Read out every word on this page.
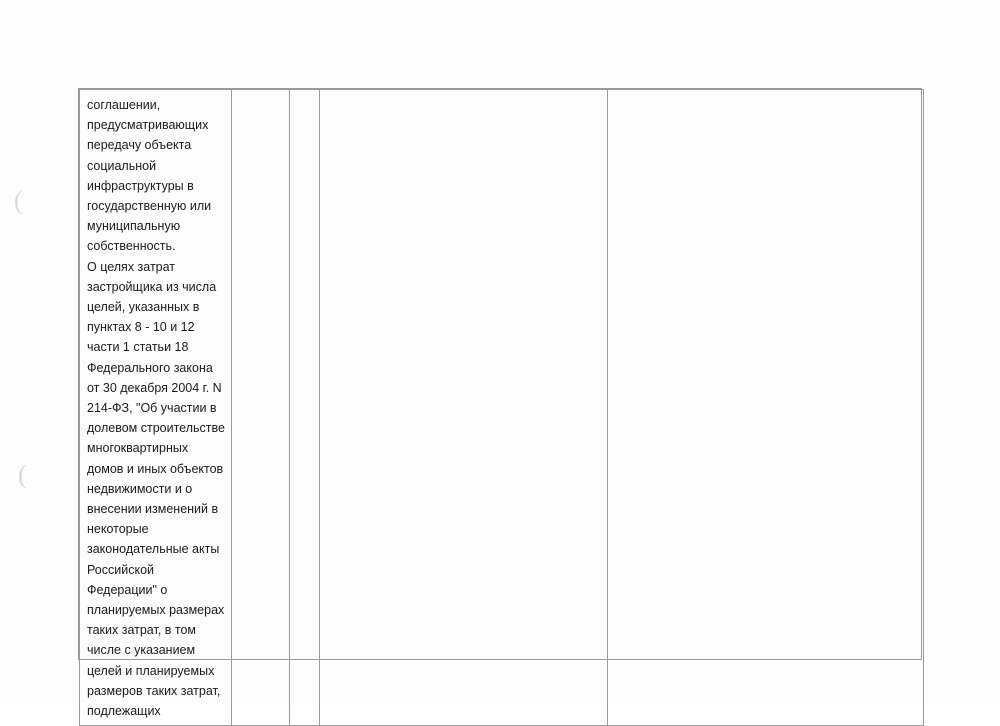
(
(

соглашении, предусматривающих передачу объекта социальной инфраструктуры в государственную или муниципальную собственность.

О целях затрат застройщика из числа целей, указанных в пунктах 8 - 10 и 12 части 1 статьи 18 Федерального закона от 30 декабря 2004 г. N 214-ФЗ, "Об участии в долевом строительстве многоквартирных домов и иных объектов недвижимости и о внесении изменений в некоторые законодательные акты Российской Федерации" о планируемых размерах таких затрат, в том числе с указанием целей и планируемых размеров таких затрат, подлежащих
